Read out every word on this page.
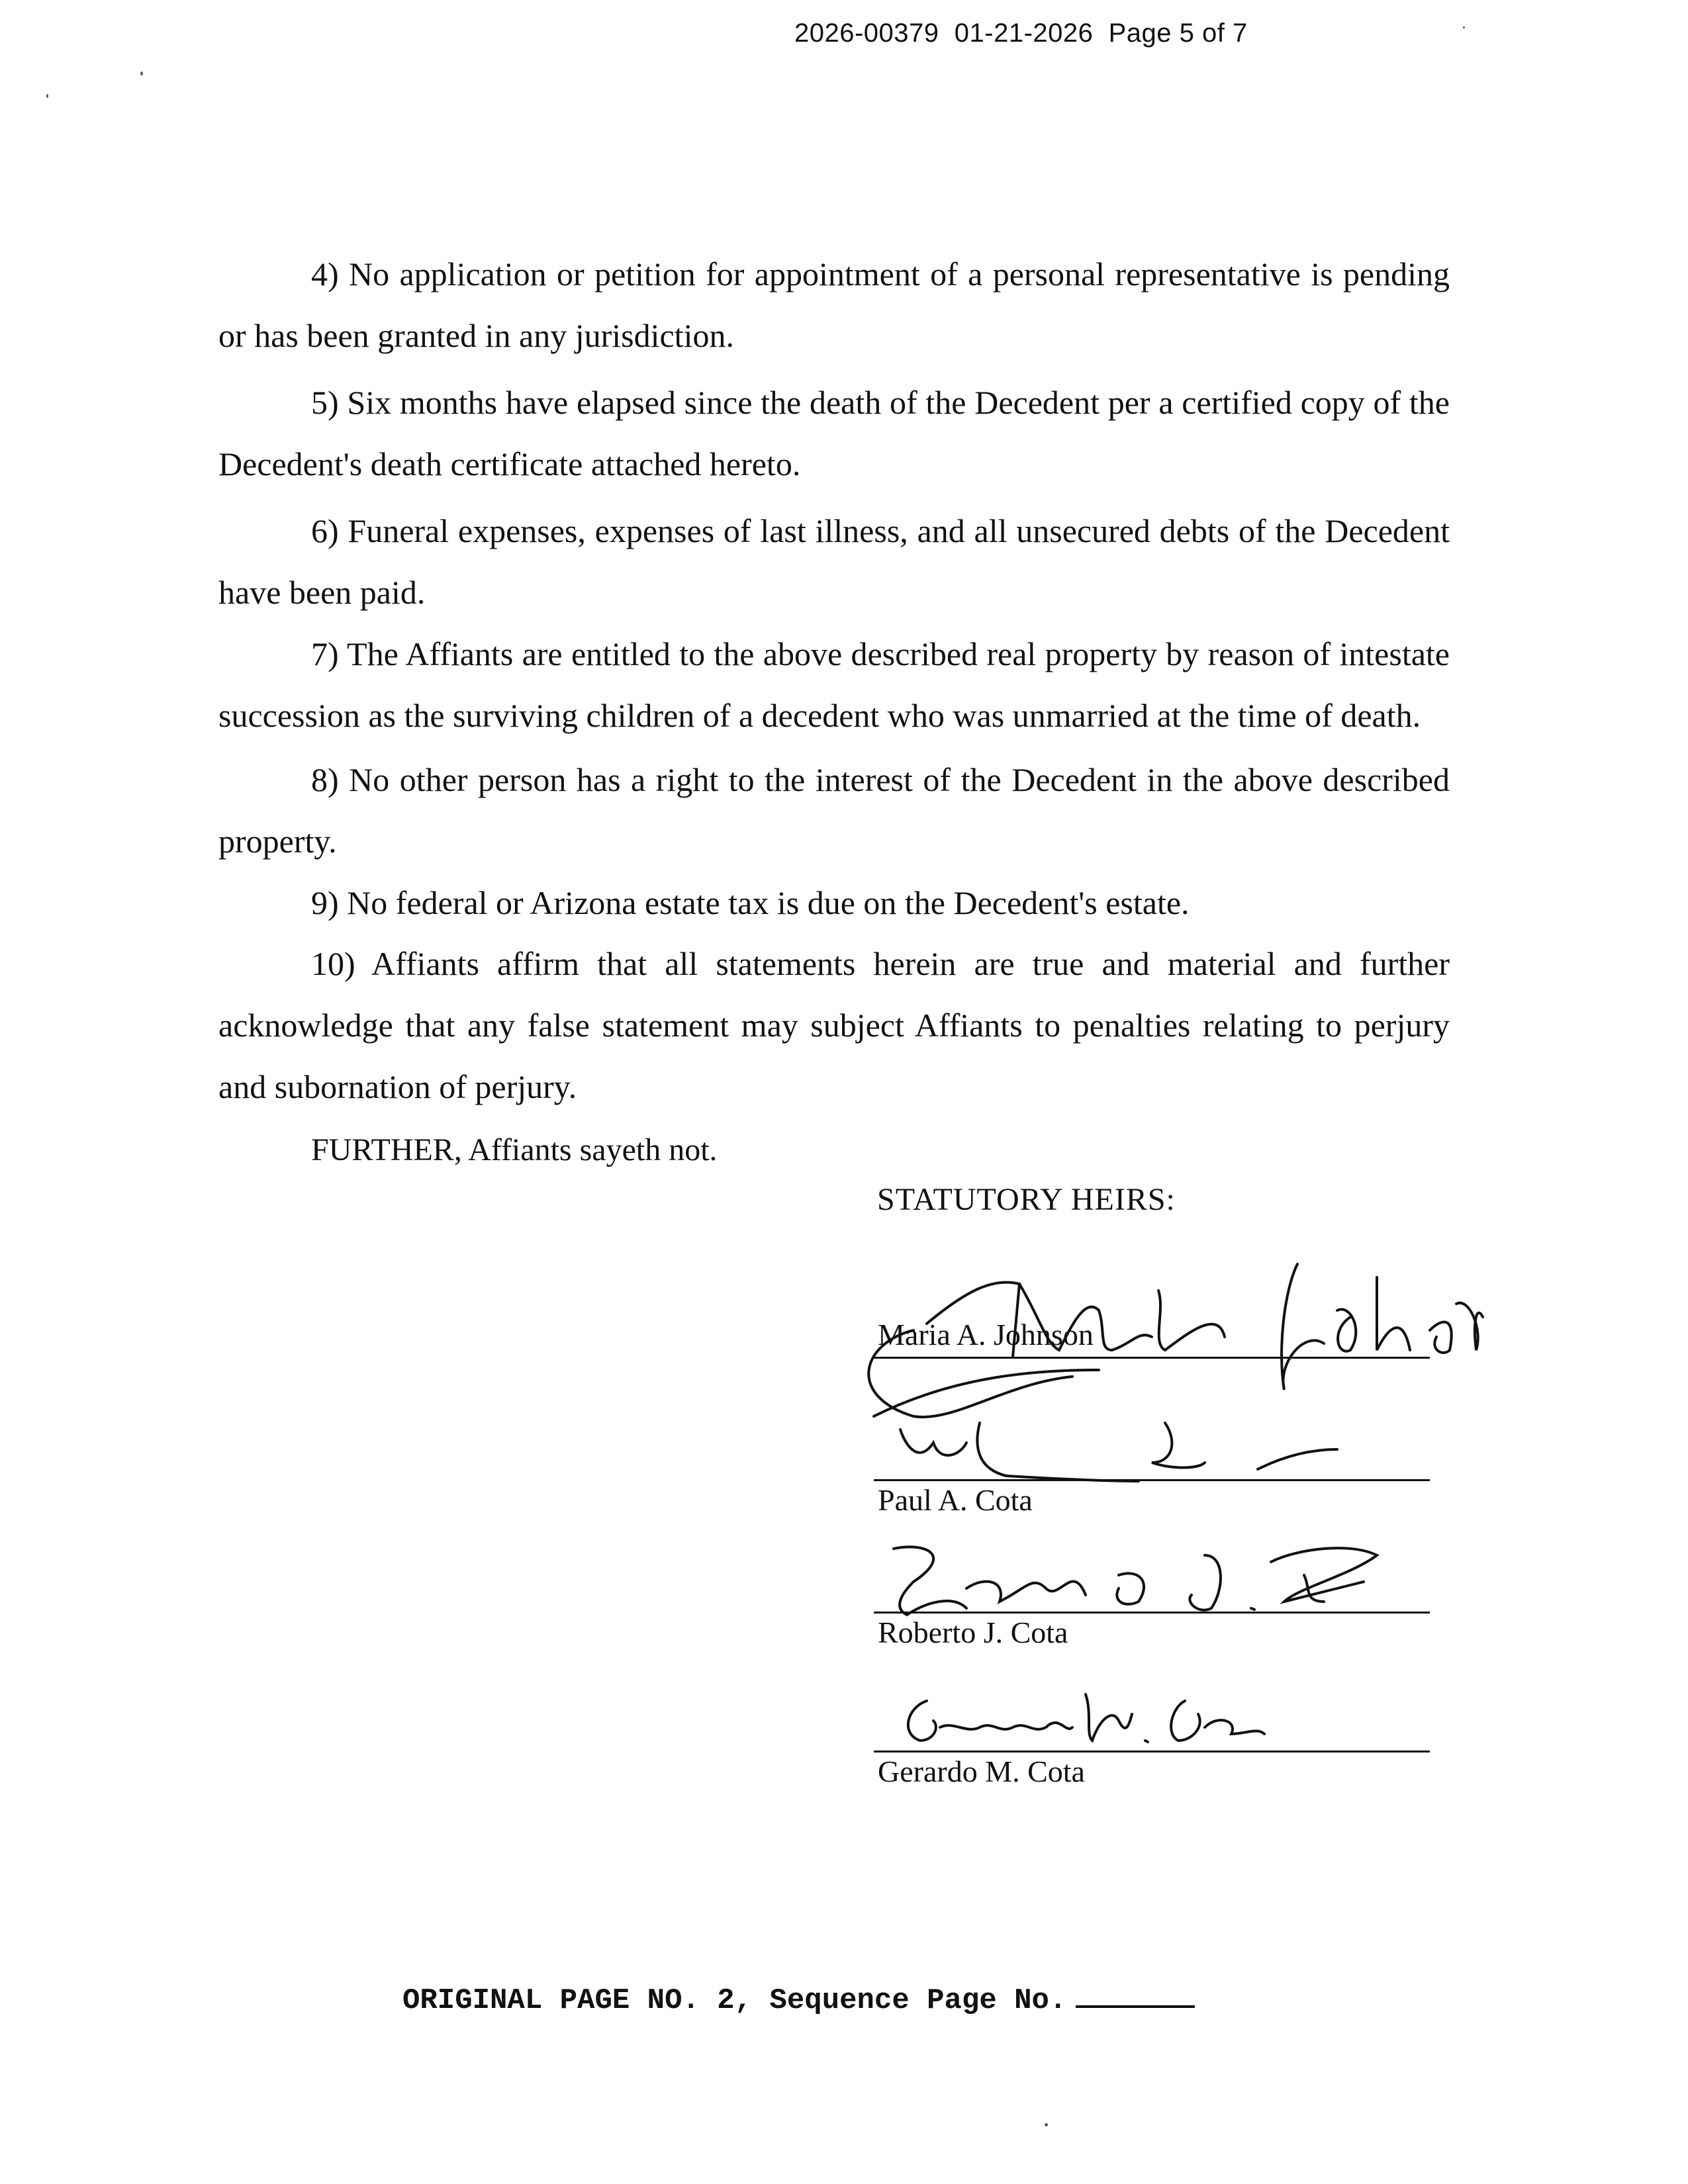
2026-00379  01-21-2026  Page 5 of 7

4) No application or petition for appointment of a personal representative is pending or has been granted in any jurisdiction.

5) Six months have elapsed since the death of the Decedent per a certified copy of the Decedent's death certificate attached hereto.

6) Funeral expenses, expenses of last illness, and all unsecured debts of the Decedent have been paid.

7) The Affiants are entitled to the above described real property by reason of intestate succession as the surviving children of a decedent who was unmarried at the time of death.

8) No other person has a right to the interest of the Decedent in the above described property.

9) No federal or Arizona estate tax is due on the Decedent's estate.

10) Affiants affirm that all statements herein are true and material and further acknowledge that any false statement may subject Affiants to penalties relating to perjury and subornation of perjury.

FURTHER, Affiants sayeth not.

STATUTORY HEIRS:
Maria A. Johnson
Paul A. Cota
Roberto J. Cota
Gerardo M. Cota
ORIGINAL PAGE NO. 2, Sequence Page No.
